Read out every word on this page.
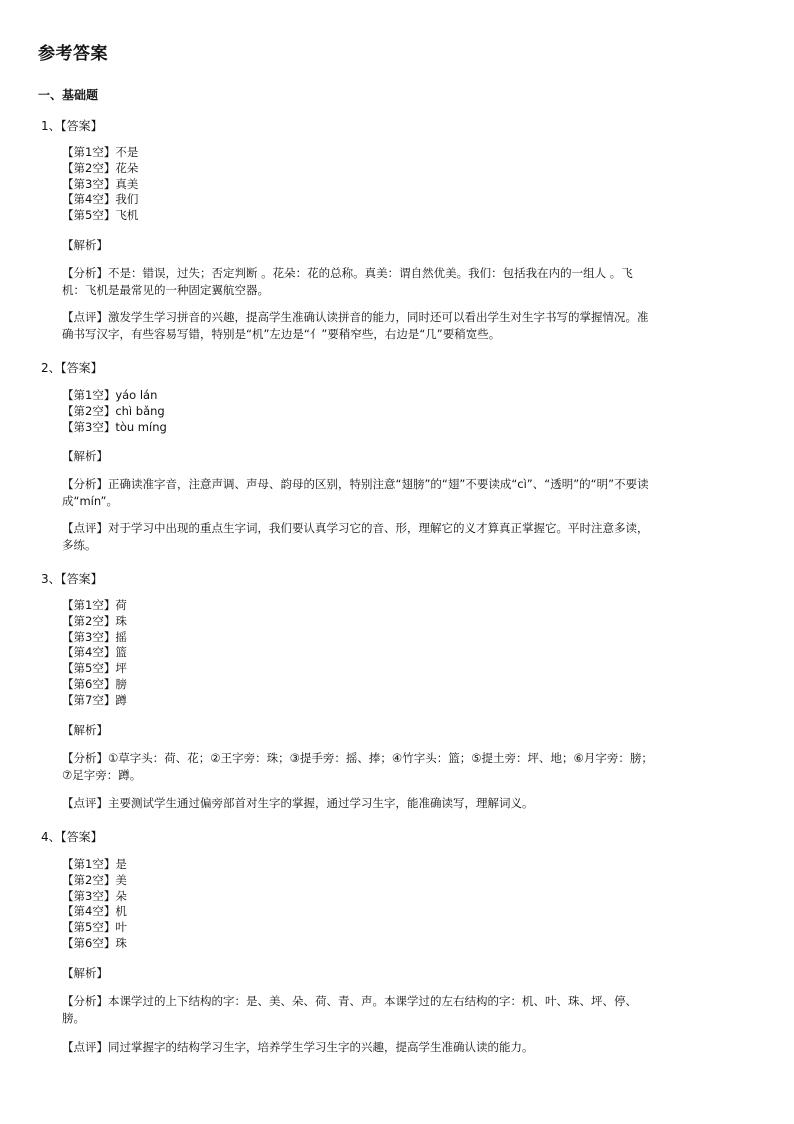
参考答案
一、基础题
1、【答案】
【第1空】不是
【第2空】花朵
【第3空】真美
【第4空】我们
【第5空】飞机
【解析】
【分析】不是：错误，过失；否定判断 。花朵：花的总称。真美：谓自然优美。我们：包括我在内的一组人 。飞
机：飞机是最常见的一种固定翼航空器。
【点评】激发学生学习拼音的兴趣，提高学生准确认读拼音的能力，同时还可以看出学生对生字书写的掌握情况。准
确书写汉字，有些容易写错，特别是“机”左边是“亻”要稍窄些，右边是“几”要稍宽些。
2、【答案】
【第1空】yáo lán
【第2空】chì bǎng
【第3空】tòu míng
【解析】
【分析】正确读准字音，注意声调、声母、韵母的区别，特别注意“翅膀”的“翅”不要读成“cì”、“透明”的“明”不要读
成“mín”。
【点评】对于学习中出现的重点生字词，我们要认真学习它的音、形，理解它的义才算真正掌握它。平时注意多读，
多练。
3、【答案】
【第1空】荷
【第2空】珠
【第3空】摇
【第4空】篮
【第5空】坪
【第6空】膀
【第7空】蹲
【解析】
【分析】①草字头：荷、花；②王字旁：珠；③提手旁：摇、捧；④竹字头：篮；⑤提土旁：坪、地；⑥月字旁：膀；
⑦足字旁：蹲。
【点评】主要测试学生通过偏旁部首对生字的掌握，通过学习生字，能准确读写，理解词义。
4、【答案】
【第1空】是
【第2空】美
【第3空】朵
【第4空】机
【第5空】叶
【第6空】珠
【解析】
【分析】本课学过的上下结构的字：是、美、朵、荷、青、声。本课学过的左右结构的字：机、叶、珠、坪、停、
膀。
【点评】同过掌握字的结构学习生字，培养学生学习生字的兴趣，提高学生准确认读的能力。
